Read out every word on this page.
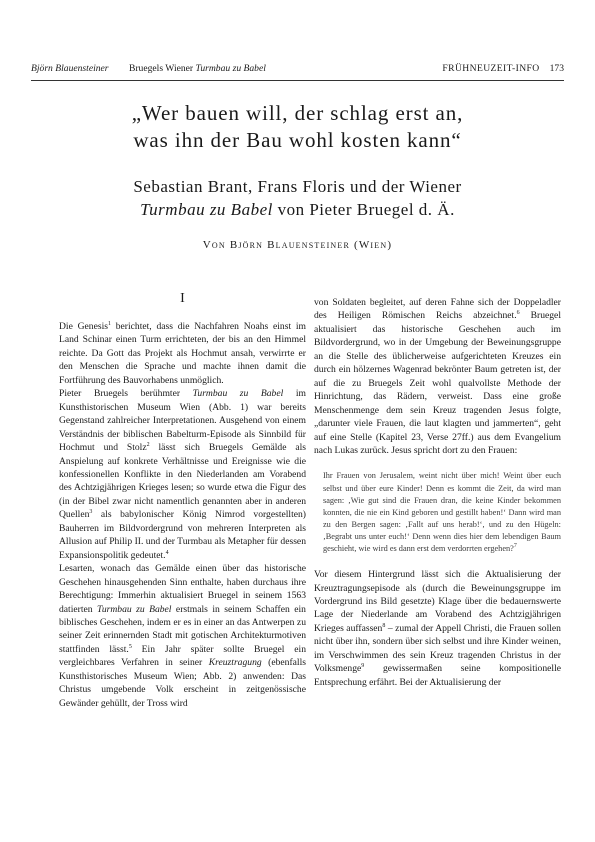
Björn Blauensteiner Bruegels Wiener Turmbau zu Babel	FRÜHNEUZEIT-INFO 173
„Wer bauen will, der schlag erst an,
was ihn der Bau wohl kosten kann“
Sebastian Brant, Frans Floris und der Wiener
Turmbau zu Babel von Pieter Bruegel d. Ä.
Von Björn Blauensteiner (Wien)
I

Die Genesis$^1$ berichtet, dass die Nachfahren Noahs einst im Land Schinar einen Turm errichteten, der bis an den Himmel reichte. Da Gott das Projekt als Hochmut ansah, verwirrte er den Menschen die Sprache und machte ihnen damit die Fortführung des Bauvorhabens unmöglich.

Pieter Bruegels berühmter Turmbau zu Babel im Kunsthistorischen Museum Wien (Abb. 1) war bereits Gegenstand zahlreicher Interpretationen. Ausgehend von einem Verständnis der biblischen Babelturm-Episode als Sinnbild für Hochmut und Stolz$^2$ lässt sich Bruegels Gemälde als Anspielung auf konkrete Verhältnisse und Ereignisse wie die konfessionellen Konflikte in den Niederlanden am Vorabend des Achtzigjährigen Krieges lesen; so wurde etwa die Figur des (in der Bibel zwar nicht namentlich genannten aber in anderen Quellen$^3$ als babylonischer König Nimrod vorgestellten) Bauherren im Bildvordergrund von mehreren Interpreten als Allusion auf Philip II. und der Turmbau als Metapher für dessen Expansionspolitik gedeutet.$^4$

Lesarten, wonach das Gemälde einen über das historische Geschehen hinausgehenden Sinn enthalte, haben durchaus ihre Berechtigung: Immerhin aktualisiert Bruegel in seinem 1563 datierten Turmbau zu Babel erstmals in seinem Schaffen ein biblisches Geschehen, indem er es in einer an das Antwerpen zu seiner Zeit erinnernden Stadt mit gotischen Architekturmotiven stattfinden lässt.$^5$ Ein Jahr später sollte Bruegel ein vergleichbares Verfahren in seiner Kreuztragung (ebenfalls Kunsthistorisches Museum Wien; Abb. 2) anwenden: Das Christus umgebende Volk erscheint in zeitgenössische Gewänder gehüllt, der Tross wird

von Soldaten begleitet, auf deren Fahne sich der Doppeladler des Heiligen Römischen Reichs abzeichnet.$^6$ Bruegel aktualisiert das historische Geschehen auch im Bildvordergrund, wo in der Umgebung der Beweinungsgruppe an die Stelle des üblicherweise aufgerichteten Kreuzes ein durch ein hölzernes Wagenrad bekrönter Baum getreten ist, der auf die zu Bruegels Zeit wohl qualvollste Methode der Hinrichtung, das Rädern, verweist. Dass eine große Menschenmenge dem sein Kreuz tragenden Jesus folgte, „darunter viele Frauen, die laut klagten und jammerten“, geht auf eine Stelle (Kapitel 23, Verse 27ff.) aus dem Evangelium nach Lukas zurück. Jesus spricht dort zu den Frauen:

Ihr Frauen von Jerusalem, weint nicht über mich! Weint über euch selbst und über eure Kinder! Denn es kommt die Zeit, da wird man sagen: ‚Wie gut sind die Frauen dran, die keine Kinder bekommen konnten, die nie ein Kind geboren und gestillt haben!‘ Dann wird man zu den Bergen sagen: ‚Fallt auf uns herab!‘, und zu den Hügeln: ‚Begrabt uns unter euch!‘ Denn wenn dies hier dem lebendigen Baum geschieht, wie wird es dann erst dem verdorrten ergehen?$^7$

Vor diesem Hintergrund lässt sich die Aktualisierung der Kreuztragungsepisode als (durch die Beweinungsgruppe im Vordergrund ins Bild gesetzte) Klage über die bedauernswerte Lage der Niederlande am Vorabend des Achtzigjährigen Krieges auffassen$^8$ – zumal der Appell Christi, die Frauen sollen nicht über ihn, sondern über sich selbst und ihre Kinder weinen, im Verschwimmen des sein Kreuz tragenden Christus in der Volksmenge$^9$ gewissermaßen seine kompositionelle Entsprechung erfährt. Bei der Aktualisierung der
